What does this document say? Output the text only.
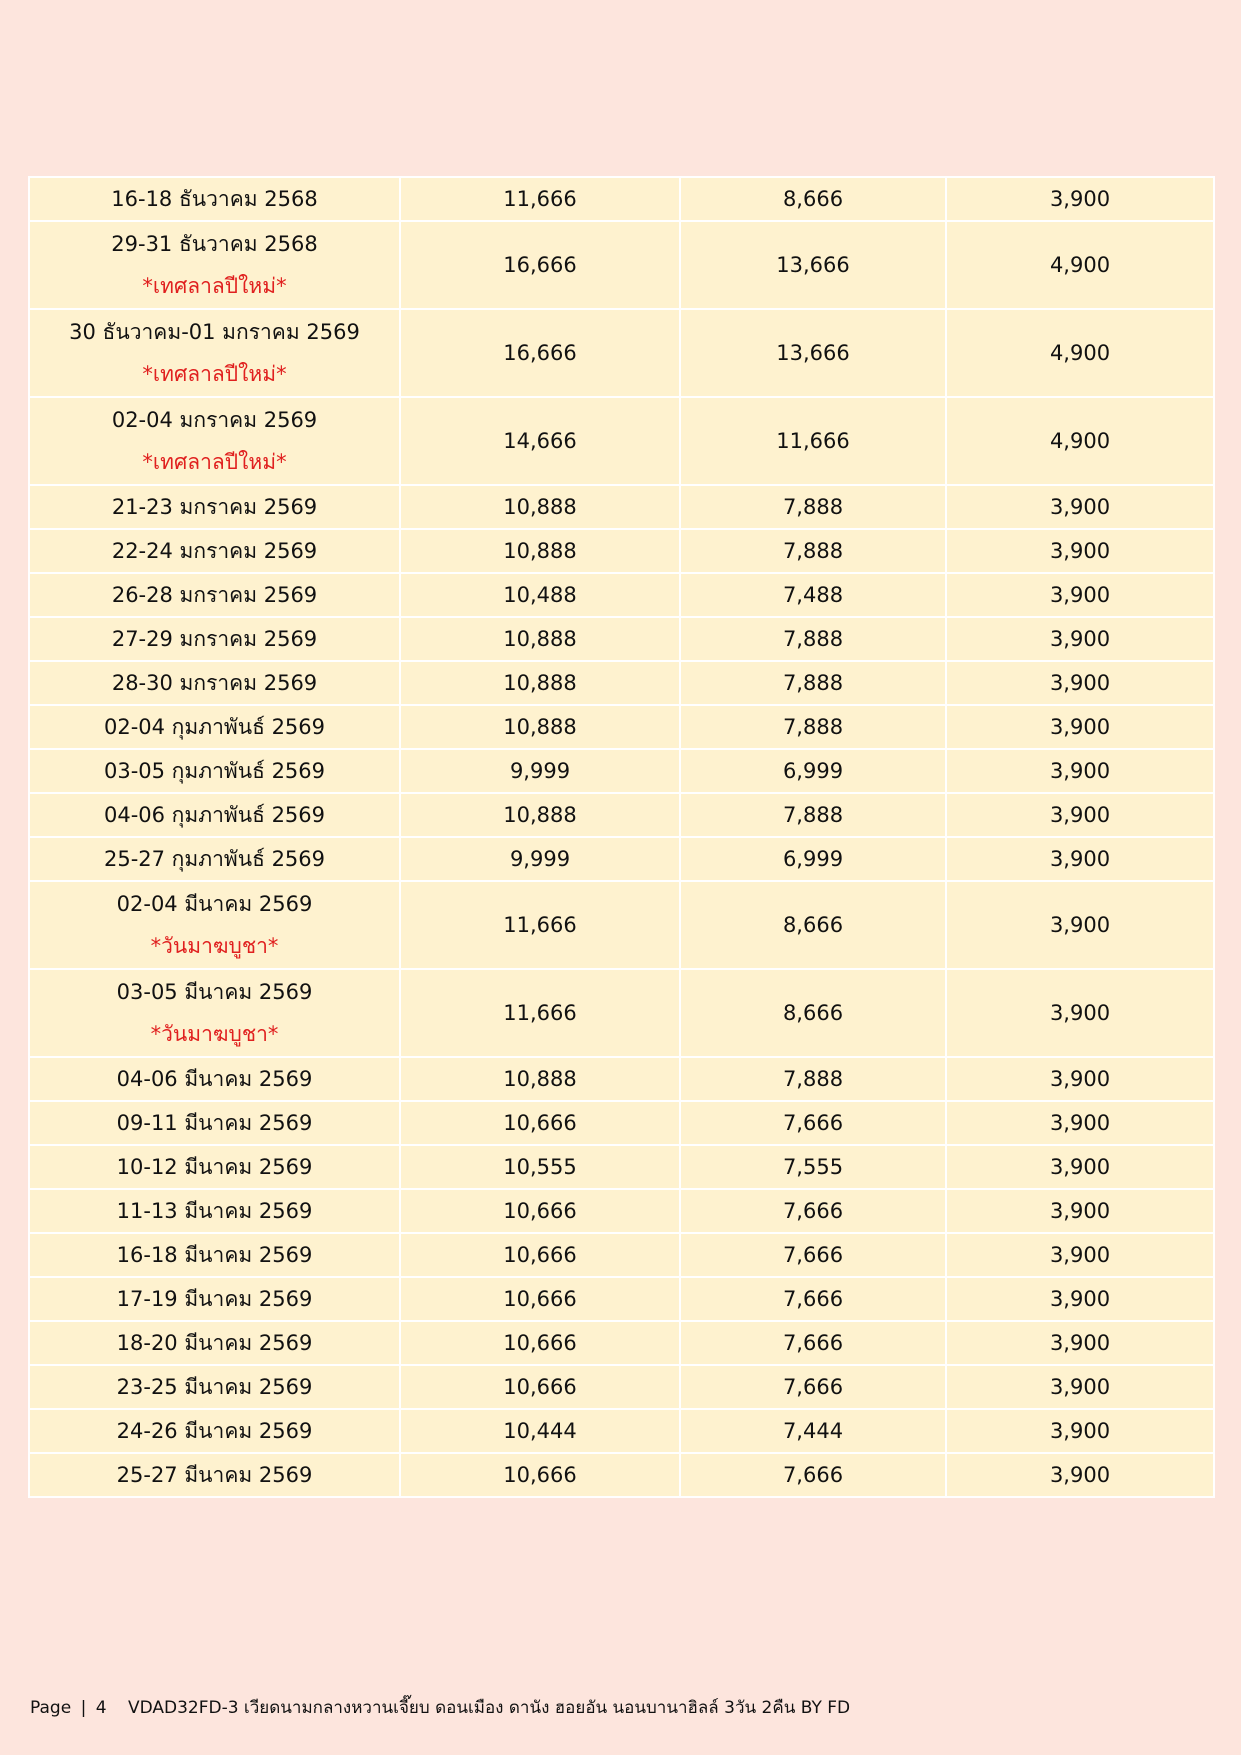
16-18 ธันวาคม 2568	11,666	8,666	3,900

29-31 ธันวาคม 2568
*เทศลาลปีใหม่*	16,666	13,666	4,900

30 ธันวาคม-01 มกราคม 2569
*เทศลาลปีใหม่*	16,666	13,666	4,900

02-04 มกราคม 2569
*เทศลาลปีใหม่*	14,666	11,666	4,900

21-23 มกราคม 2569	10,888	7,888	3,900

22-24 มกราคม 2569	10,888	7,888	3,900

26-28 มกราคม 2569	10,488	7,488	3,900

27-29 มกราคม 2569	10,888	7,888	3,900

28-30 มกราคม 2569	10,888	7,888	3,900

02-04 กุมภาพันธ์ 2569	10,888	7,888	3,900

03-05 กุมภาพันธ์ 2569	9,999	6,999	3,900

04-06 กุมภาพันธ์ 2569	10,888	7,888	3,900

25-27 กุมภาพันธ์ 2569	9,999	6,999	3,900

02-04 มีนาคม 2569
*วันมาฆบูชา*	11,666	8,666	3,900

03-05 มีนาคม 2569
*วันมาฆบูชา*	11,666	8,666	3,900

04-06 มีนาคม 2569	10,888	7,888	3,900

09-11 มีนาคม 2569	10,666	7,666	3,900

10-12 มีนาคม 2569	10,555	7,555	3,900

11-13 มีนาคม 2569	10,666	7,666	3,900

16-18 มีนาคม 2569	10,666	7,666	3,900

17-19 มีนาคม 2569	10,666	7,666	3,900

18-20 มีนาคม 2569	10,666	7,666	3,900

23-25 มีนาคม 2569	10,666	7,666	3,900

24-26 มีนาคม 2569	10,444	7,444	3,900

25-27 มีนาคม 2569	10,666	7,666	3,900
Page | 4 VDAD32FD-3 เวียดนามกลางหวานเจี๊ยบ ดอนเมือง ดานัง ฮอยอัน นอนบานาฮิลล์ 3วัน 2คืน BY FD
